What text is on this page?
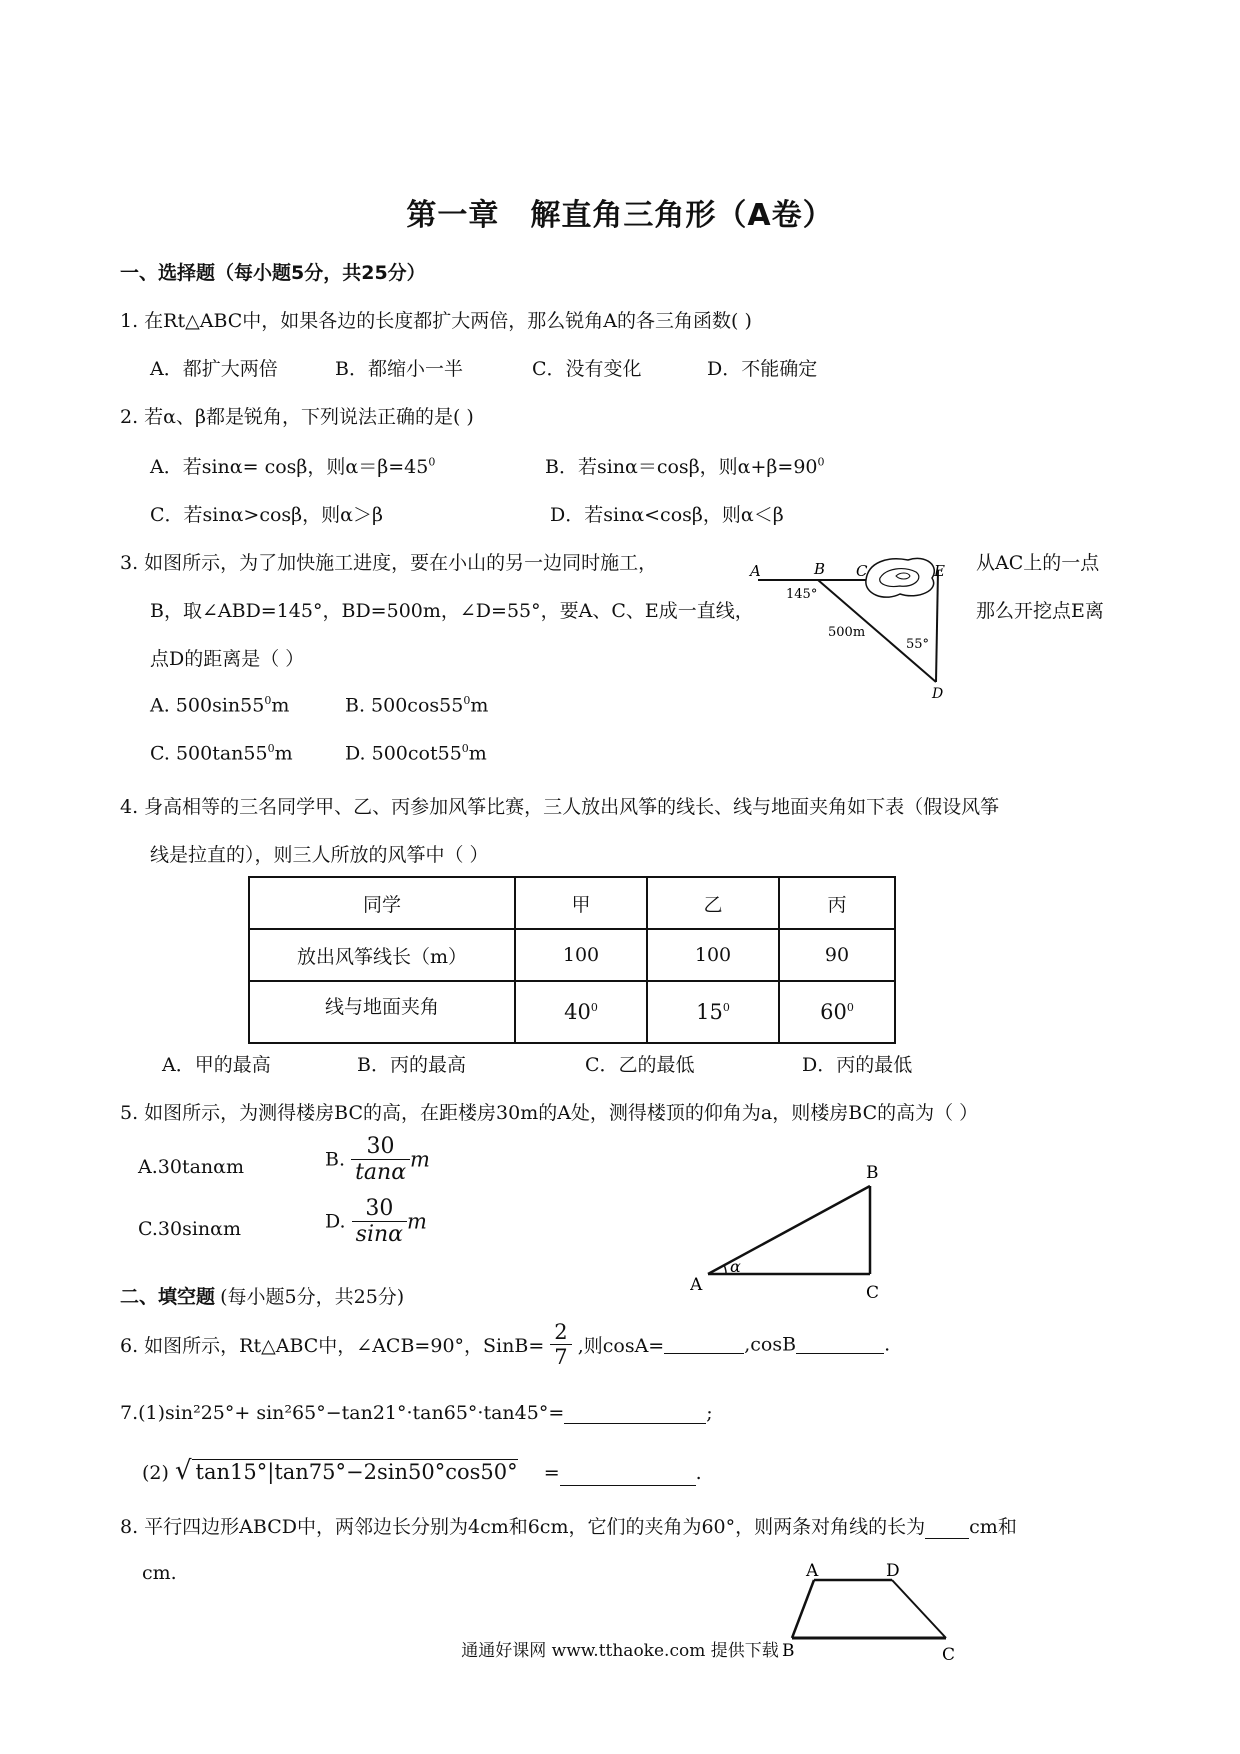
第一章　解直角三角形（A卷）
一、选择题（每小题5分，共25分）
1. 在Rt△ABC中，如果各边的长度都扩大两倍，那么锐角A的各三角函数( )
A．都扩大两倍	B．都缩小一半	C．没有变化	D．不能确定
2. 若α、β都是锐角，下列说法正确的是( )
A．若sinα= cosβ，则$\alpha=\beta=45^0$	B．若sinα＝cosβ，则$\alpha+\beta=90^0$
C．若sinα>cosβ，则α＞β	D．若sinα<cosβ，则α＜β
3. 如图所示，为了加快施工进度，要在小山的另一边同时施工，	从AC上的一点
B，取∠ABD=145°，BD=500m，∠D=55°，要A、C、E成一直线，	那么开挖点E离
点D的距离是（ ）
A. $500\sin 55^0m$	B. $500\cos 55^0m$
C. $500\tan 55^0m$	D. $500\cot 55^0m$
A	B C	E
D
145°
500m
55°
4. 身高相等的三名同学甲、乙、丙参加风筝比赛，三人放出风筝的线长、线与地面夹角如下表（假设风筝
线是拉直的），则三人所放的风筝中（ ）
同学	甲	乙	丙
放出风筝线长（m）	100	100	90
线与地面夹角	$40^0$	$15^0$	$60^0$
A．甲的最高	B．丙的最高	C．乙的最低	D．丙的最低
5. 如图所示，为测得楼房BC的高，在距楼房30m的A处，测得楼顶的仰角为a，则楼房BC的高为（ ）
A.30tanαm	B. $\frac{30}{\tan\alpha}$ m
C.30sinαm	D. $\frac{30}{\sin\alpha}$ m
A
B
C
α
二、填空题 (每小题5分，共25分)
6. 如图所示，Rt△ABC中，∠ACB=90°，SinB= $\frac{2}{7}$ ,则cosA=	,cosB	.
7.(1)sin²25°+ sin²65°−tan21°·tan65°·tan45°=	;
(2) √ tan15°|tan75°−2sin50°cos50° =	.
8. 平行四边形ABCD中，两邻边长分别为4cm和6cm，它们的夹角为60°，则两条对角线的长为 cm和
cm.	A	D
B	C
通通好课网 www.tthaoke.com 提供下载
